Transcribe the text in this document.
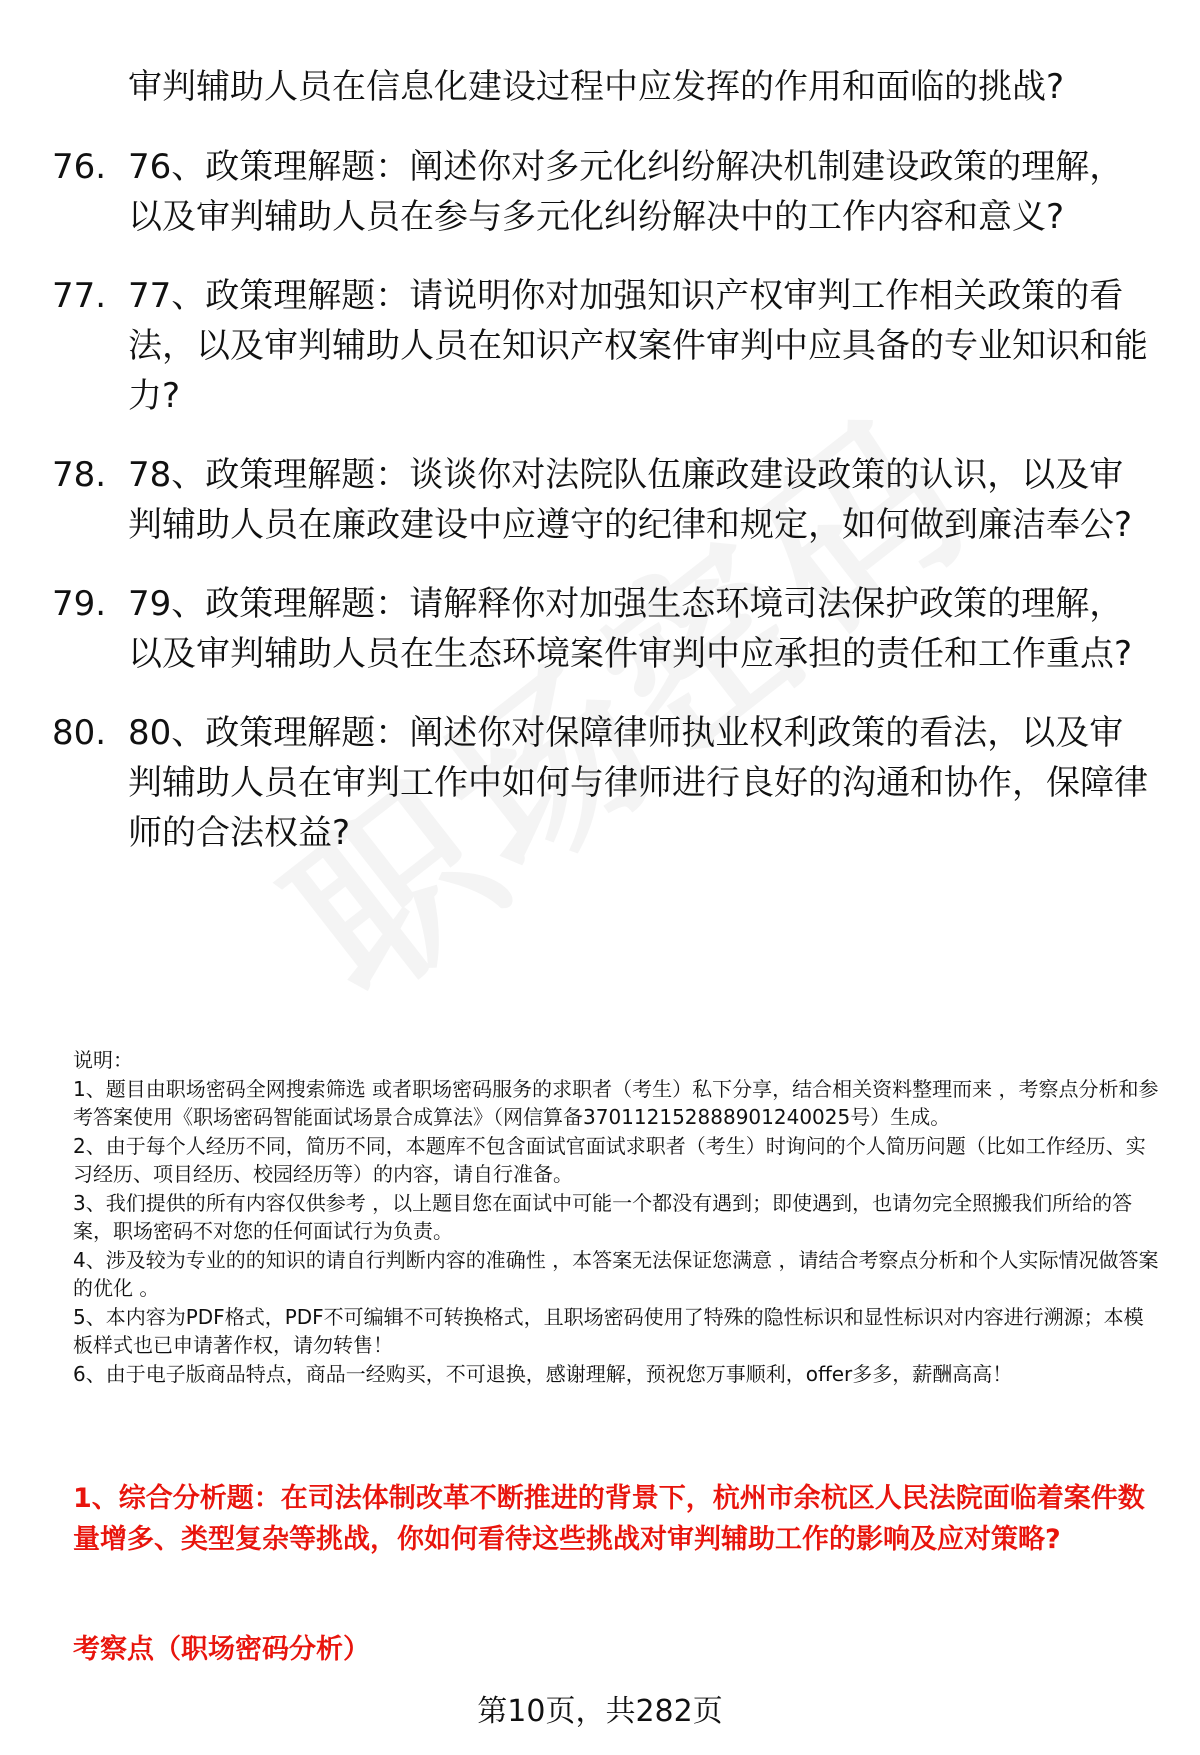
审判辅助人员在信息化建设过程中应发挥的作用和面临的挑战?
76. 76、政策理解题：阐述你对多元化纠纷解决机制建设政策的理解，以及审判辅助人员在参与多元化纠纷解决中的工作内容和意义?
77. 77、政策理解题：请说明你对加强知识产权审判工作相关政策的看法，以及审判辅助人员在知识产权案件审判中应具备的专业知识和能力?
78. 78、政策理解题：谈谈你对法院队伍廉政建设政策的认识，以及审判辅助人员在廉政建设中应遵守的纪律和规定，如何做到廉洁奉公?
79. 79、政策理解题：请解释你对加强生态环境司法保护政策的理解，以及审判辅助人员在生态环境案件审判中应承担的责任和工作重点?
80. 80、政策理解题：阐述你对保障律师执业权利政策的看法，以及审判辅助人员在审判工作中如何与律师进行良好的沟通和协作，保障律师的合法权益?

说明：

1、题目由职场密码全网搜索筛选 或者职场密码服务的求职者（考生）私下分享，结合相关资料整理而来 ，考察点分析和参考答案使用《职场密码智能面试场景合成算法》（网信算备370112152888901240025号）生成。

2、由于每个人经历不同，简历不同，本题库不包含面试官面试求职者（考生）时询问的个人简历问题（比如工作经历、实习经历、项目经历、校园经历等）的内容，请自行准备。

3、我们提供的所有内容仅供参考 ，以上题目您在面试中可能一个都没有遇到；即使遇到，也请勿完全照搬我们所给的答案，职场密码不对您的任何面试行为负责。

4、涉及较为专业的的知识的请自行判断内容的准确性 ，本答案无法保证您满意 ，请结合考察点分析和个人实际情况做答案的优化 。

5、本内容为PDF格式，PDF不可编辑不可转换格式，且职场密码使用了特殊的隐性标识和显性标识对内容进行溯源；本模板样式也已申请著作权，请勿转售！

6、由于电子版商品特点，商品一经购买，不可退换，感谢理解，预祝您万事顺利，offer多多，薪酬高高！

1、综合分析题：在司法体制改革不断推进的背景下，杭州市余杭区人民法院面临着案件数量增多、类型复杂等挑战，你如何看待这些挑战对审判辅助工作的影响及应对策略?
考察点（职场密码分析）
第10页，共282页
